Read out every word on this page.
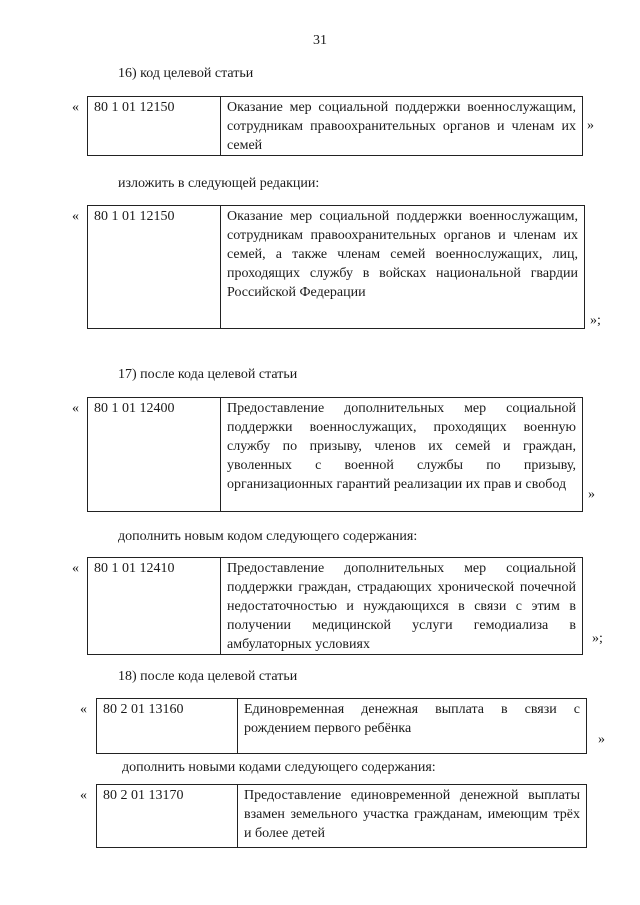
31
16) код целевой статьи
« 80 1 01 12150	Оказание мер социальной поддержки военнослужащим, сотрудникам правоохранительных органов и членам их семей
»
изложить в следующей редакции:
« 80 1 01 12150	Оказание мер социальной поддержки военнослужащим, сотрудникам правоохранительных органов и членам их семей, а также членам семей военнослужащих, лиц, проходящих службу в войсках национальной гвардии Российской Федерации
»;
17) после кода целевой статьи
« 80 1 01 12400	Предоставление дополнительных мер социальной поддержки военнослужащих, проходящих военную службу по призыву, членов их семей и граждан, уволенных с военной службы по призыву, организационных гарантий реализации их прав и свобод
»
дополнить новым кодом следующего содержания:
« 80 1 01 12410	Предоставление дополнительных мер социальной поддержки граждан, страдающих хронической почечной недостаточностью и нуждающихся в связи с этим в получении медицинской услуги гемодиализа в амбулаторных условиях	»;
18) после кода целевой статьи
« 80 2 01 13160	Единовременная денежная выплата в связи с рождением первого ребёнка
»
дополнить новыми кодами следующего содержания:
« 80 2 01 13170	Предоставление единовременной денежной выплаты взамен земельного участка гражданам, имеющим трёх и более детей
